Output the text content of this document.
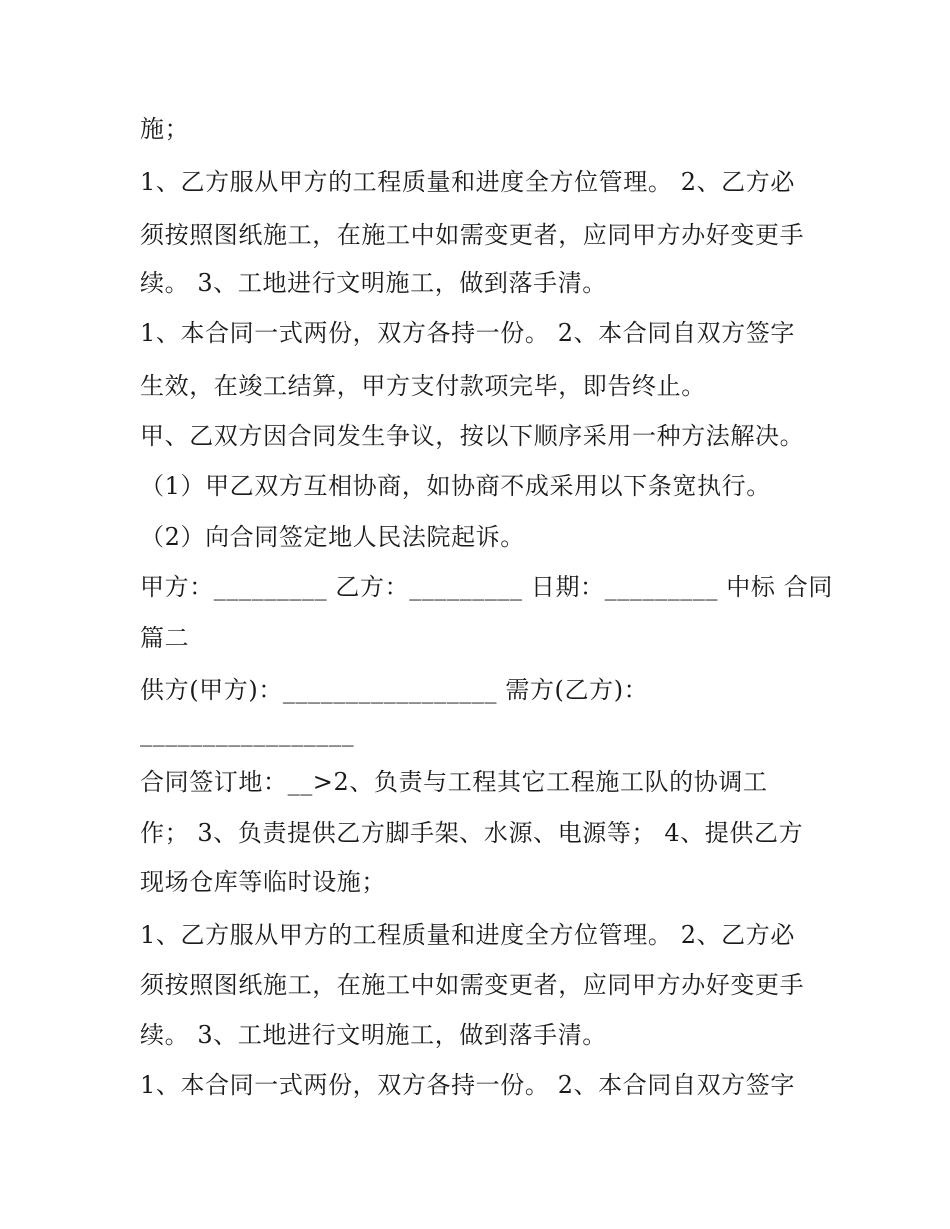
施；
1、乙方服从甲方的工程质量和进度全方位管理。 2、乙方必
须按照图纸施工，在施工中如需变更者，应同甲方办好变更手
续。 3、工地进行文明施工，做到落手清。
1、本合同一式两份，双方各持一份。 2、本合同自双方签字
生效，在竣工结算，甲方支付款项完毕，即告终止。
甲、乙双方因合同发生争议，按以下顺序采用一种方法解决。
（1）甲乙双方互相协商，如协商不成采用以下条宽执行。
（2）向合同签定地人民法院起诉。
甲方：_________ 乙方：_________ 日期：_________ 中标 合同
篇二
供方(甲方)：_________________ 需方(乙方)：
_________________
合同签订地：__>2、负责与工程其它工程施工队的协调工
作； 3、负责提供乙方脚手架、水源、电源等； 4、提供乙方
现场仓库等临时设施；
1、乙方服从甲方的工程质量和进度全方位管理。 2、乙方必
须按照图纸施工，在施工中如需变更者，应同甲方办好变更手
续。 3、工地进行文明施工，做到落手清。
1、本合同一式两份，双方各持一份。 2、本合同自双方签字
